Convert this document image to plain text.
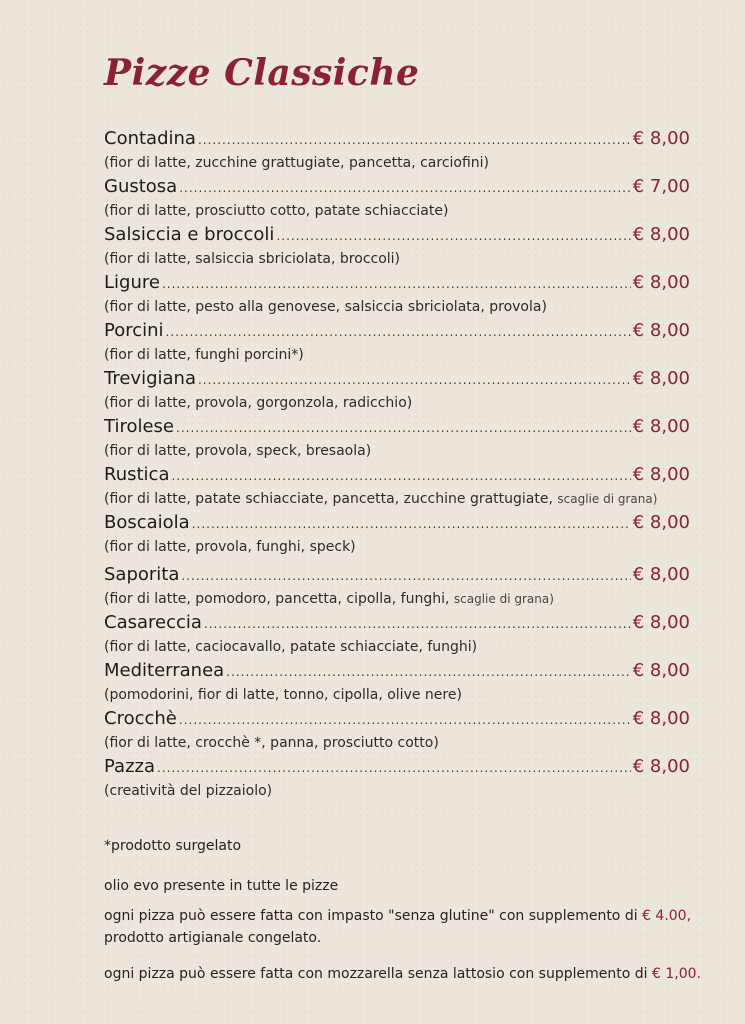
Pizze Classiche
Contadina .....	€ 8,00
(fior di latte, zucchine grattugiate, pancetta, carciofini)
Gustosa .....	€ 7,00
(fior di latte, prosciutto cotto, patate schiacciate)
Salsiccia e broccoli .....	€ 8,00
(fior di latte, salsiccia sbriciolata, broccoli)
Ligure .....	€ 8,00
(fior di latte, pesto alla genovese, salsiccia sbriciolata, provola)
Porcini .....	€ 8,00
(fior di latte, funghi porcini*)
Trevigiana .....	€ 8,00
(fior di latte, provola, gorgonzola, radicchio)
Tirolese .....	€ 8,00
(fior di latte, provola, speck, bresaola)
Rustica .....	€ 8,00
(fior di latte, patate schiacciate, pancetta, zucchine grattugiate, scaglie di grana)
Boscaiola .....	€ 8,00
(fior di latte, provola, funghi, speck)
Saporita .....	€ 8,00
(fior di latte, pomodoro, pancetta, cipolla, funghi, scaglie di grana)
Casareccia .....	€ 8,00
(fior di latte, caciocavallo, patate schiacciate, funghi)
Mediterranea .....	€ 8,00
(pomodorini, fior di latte, tonno, cipolla, olive nere)
Crocchè .....	€ 8,00
(fior di latte, crocchè *, panna, prosciutto cotto)
Pazza .....	€ 8,00
(creatività del pizzaiolo)
*prodotto surgelato
olio evo presente in tutte le pizze
ogni pizza può essere fatta con impasto "senza glutine" con supplemento di € 4.00,
prodotto artigianale congelato.
ogni pizza può essere fatta con mozzarella senza lattosio con supplemento di € 1,00.
